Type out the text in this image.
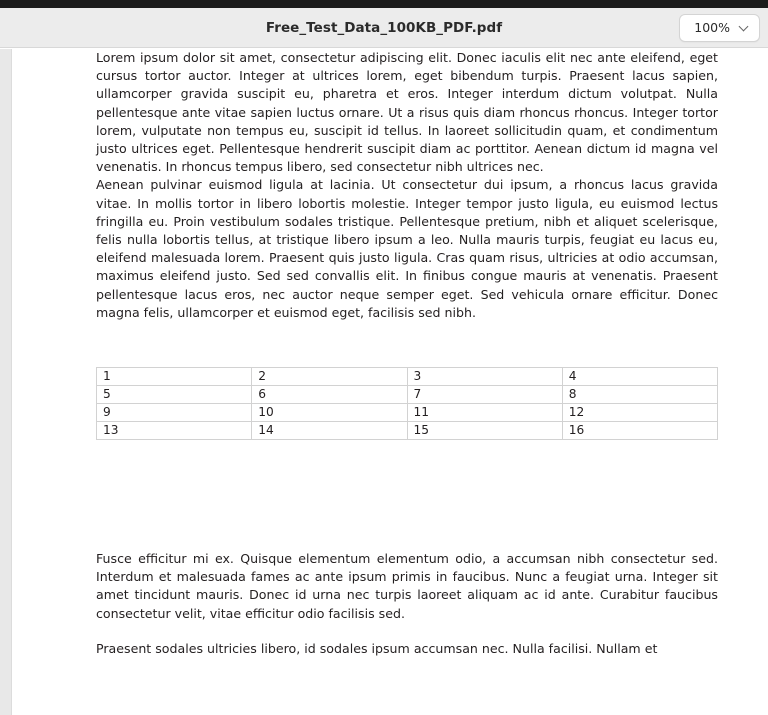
Free_Test_Data_100KB_PDF.pdf	100%

Lorem ipsum dolor sit amet, consectetur adipiscing elit. Donec iaculis elit nec ante eleifend, eget cursus tortor auctor. Integer at ultrices lorem, eget bibendum turpis. Praesent lacus sapien, ullamcorper gravida suscipit eu, pharetra et eros. Integer interdum dictum volutpat. Nulla pellentesque ante vitae sapien luctus ornare. Ut a risus quis diam rhoncus rhoncus. Integer tortor lorem, vulputate non tempus eu, suscipit id tellus. In laoreet sollicitudin quam, et condimentum justo ultrices eget. Pellentesque hendrerit suscipit diam ac porttitor. Aenean dictum id magna vel venenatis. In rhoncus tempus libero, sed consectetur nibh ultrices nec.

Aenean pulvinar euismod ligula at lacinia. Ut consectetur dui ipsum, a rhoncus lacus gravida vitae. In mollis tortor in libero lobortis molestie. Integer tempor justo ligula, eu euismod lectus fringilla eu. Proin vestibulum sodales tristique. Pellentesque pretium, nibh et aliquet scelerisque, felis nulla lobortis tellus, at tristique libero ipsum a leo. Nulla mauris turpis, feugiat eu lacus eu, eleifend malesuada lorem. Praesent quis justo ligula. Cras quam risus, ultricies at odio accumsan, maximus eleifend justo. Sed sed convallis elit. In finibus congue mauris at venenatis. Praesent pellentesque lacus eros, nec auctor neque semper eget. Sed vehicula ornare efficitur. Donec magna felis, ullamcorper et euismod eget, facilisis sed nibh.

1	2	3	4
5	6	7	8
9	10	11	12
13	14	15	16

Fusce efficitur mi ex. Quisque elementum elementum odio, a accumsan nibh consectetur sed. Interdum et malesuada fames ac ante ipsum primis in faucibus. Nunc a feugiat urna. Integer sit amet tincidunt mauris. Donec id urna nec turpis laoreet aliquam ac id ante. Curabitur faucibus consectetur velit, vitae efficitur odio facilisis sed.

Praesent sodales ultricies libero, id sodales ipsum accumsan nec. Nulla facilisi. Nullam et
